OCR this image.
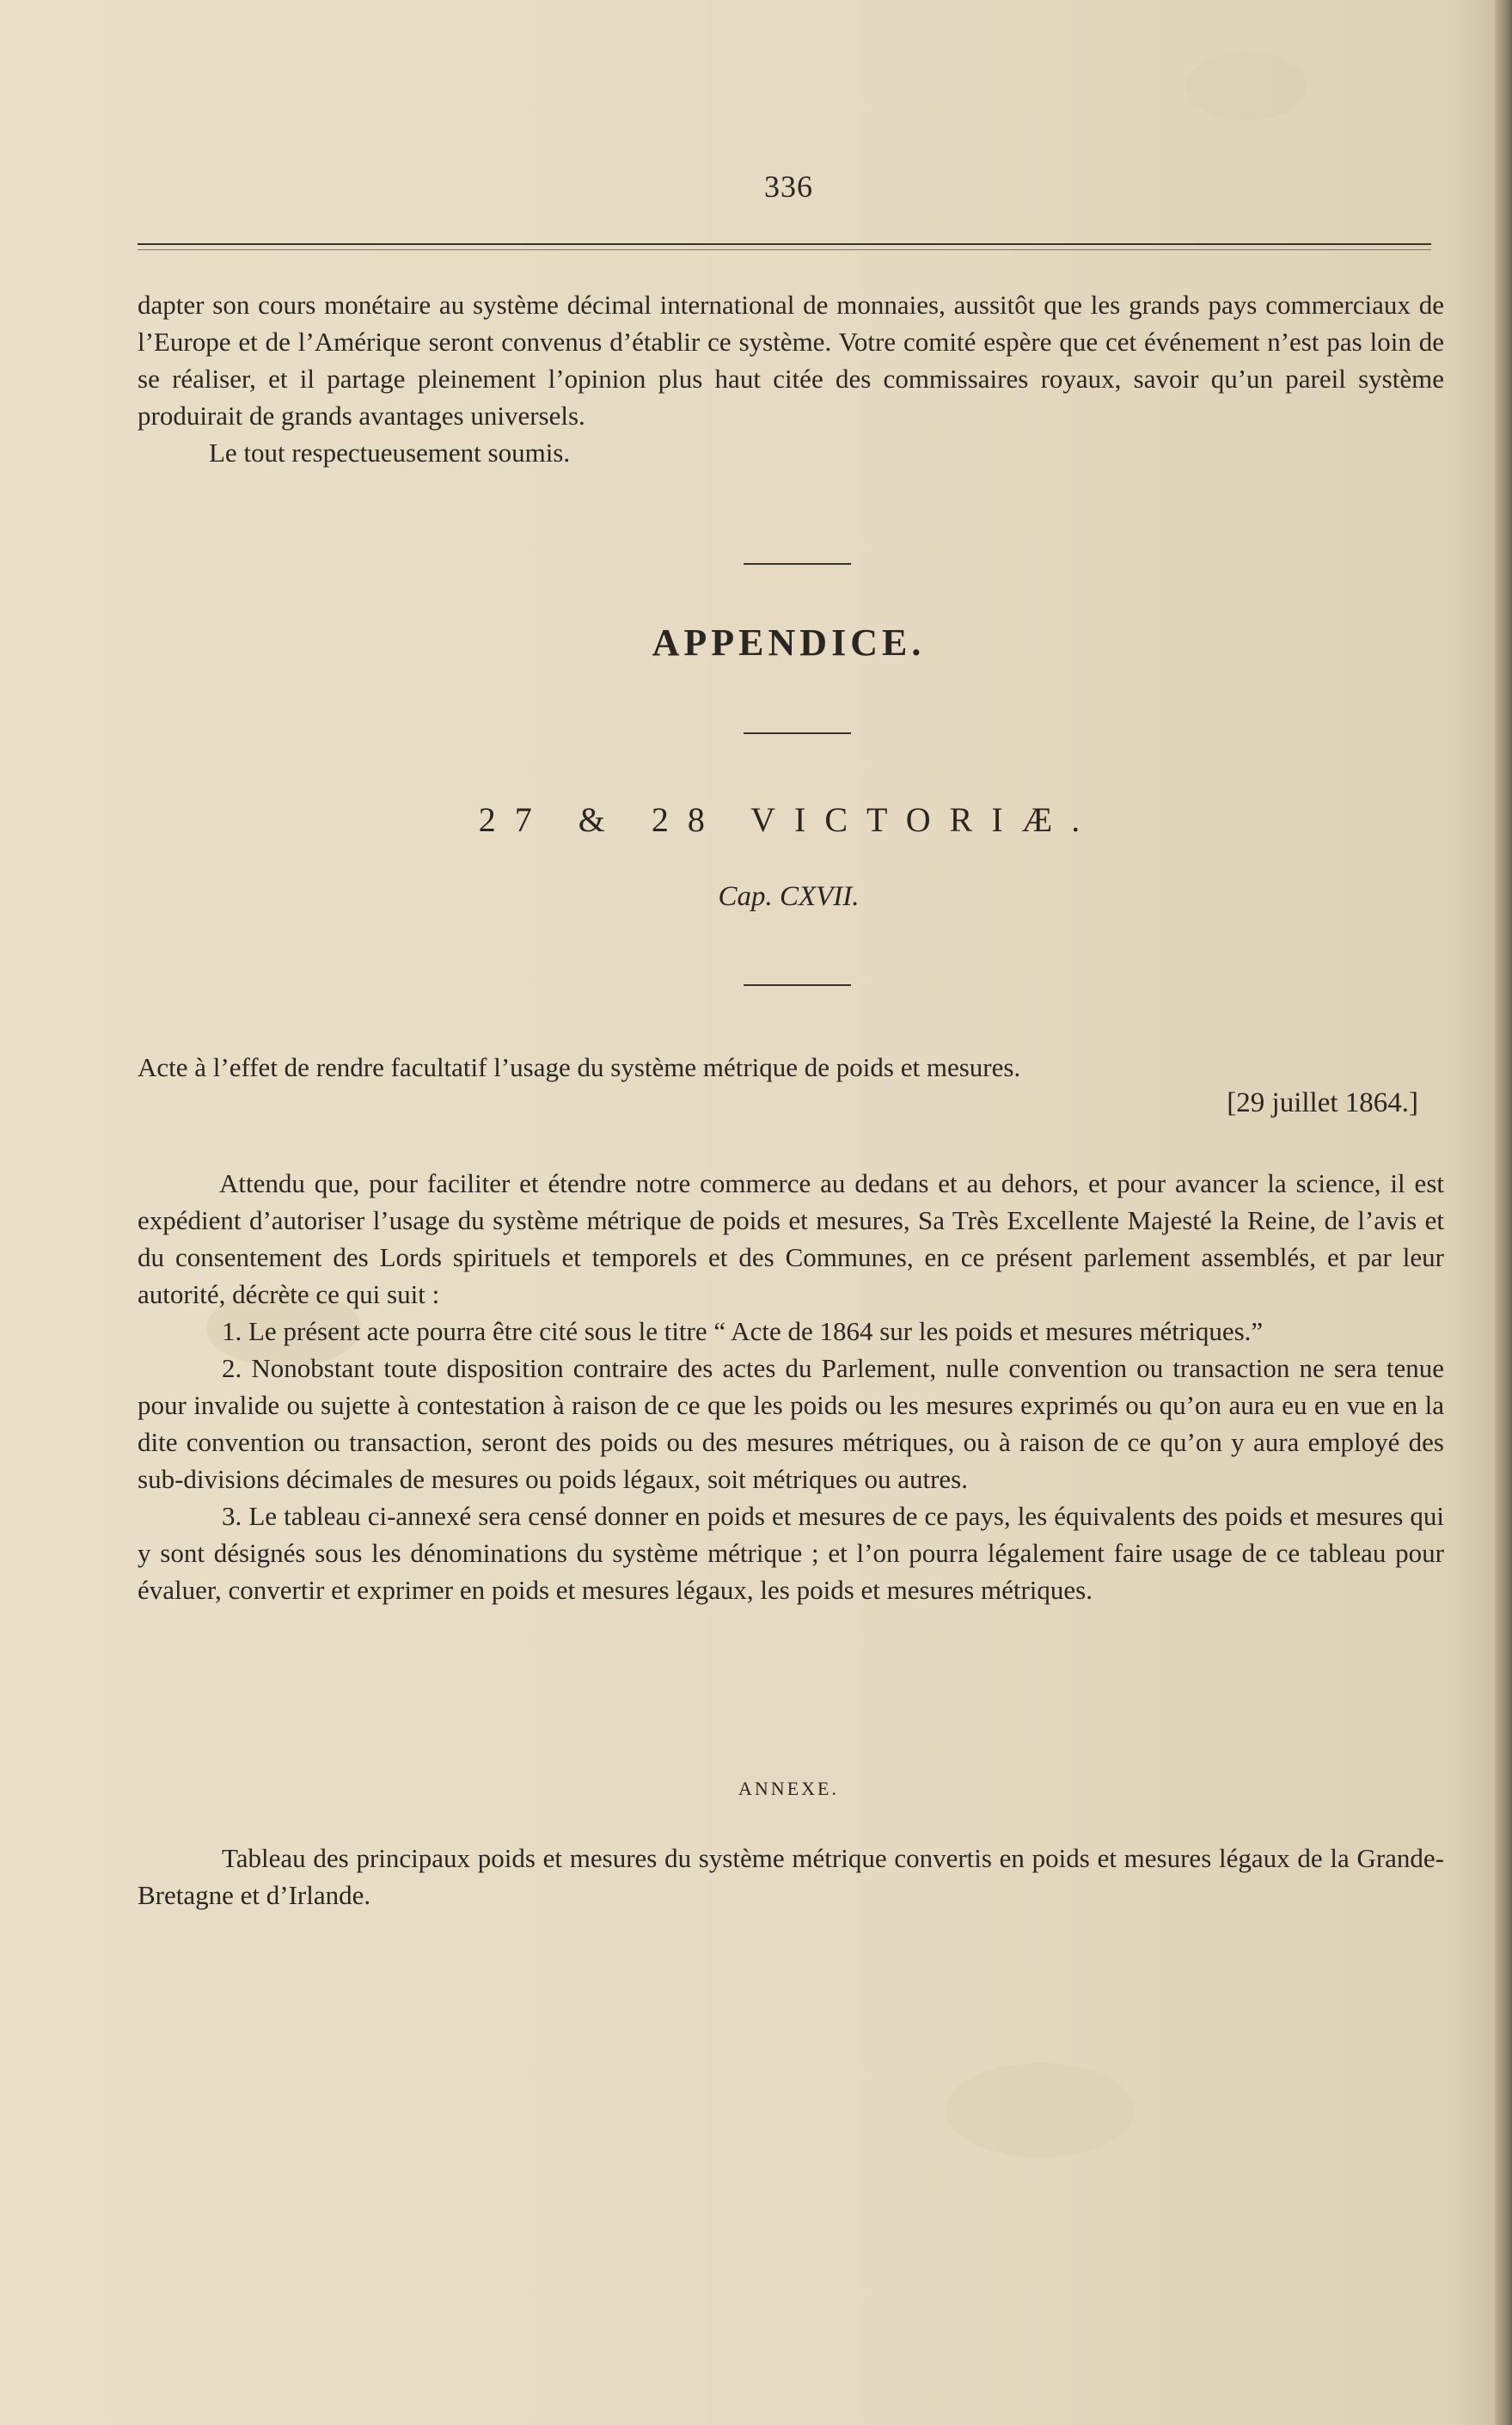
336

dapter son cours monétaire au système décimal international de monnaies, aussitôt que les grands pays commerciaux de l’Europe et de l’Amérique seront convenus d’établir ce système. Votre comité espère que cet événement n’est pas loin de se réaliser, et il partage pleinement l’opinion plus haut citée des commissaires royaux, savoir qu’un pareil système produirait de grands avantages universels.

Le tout respectueusement soumis.

APPENDICE.
27 & 28 VICTORIÆ.
Cap. CXVII.
Acte à l’effet de rendre facultatif l’usage du système métrique de poids et mesures.
[29 juillet 1864.]

Attendu que, pour faciliter et étendre notre commerce au dedans et au dehors, et pour avancer la science, il est expédient d’autoriser l’usage du système métrique de poids et mesures, Sa Très Excellente Majesté la Reine, de l’avis et du consentement des Lords spirituels et temporels et des Communes, en ce présent parlement assemblés, et par leur autorité, décrète ce qui suit :

1. Le présent acte pourra être cité sous le titre “ Acte de 1864 sur les poids et mesures métriques.”

2. Nonobstant toute disposition contraire des actes du Parlement, nulle convention ou transaction ne sera tenue pour invalide ou sujette à contestation à raison de ce que les poids ou les mesures exprimés ou qu’on aura eu en vue en la dite convention ou transaction, seront des poids ou des mesures métriques, ou à raison de ce qu’on y aura employé des sub-divisions décimales de mesures ou poids légaux, soit métriques ou autres.

3. Le tableau ci-annexé sera censé donner en poids et mesures de ce pays, les équivalents des poids et mesures qui y sont désignés sous les dénominations du système métrique ; et l’on pourra légalement faire usage de ce tableau pour évaluer, convertir et exprimer en poids et mesures légaux, les poids et mesures métriques.

ANNEXE.

Tableau des principaux poids et mesures du système métrique convertis en poids et mesures légaux de la Grande-Bretagne et d’Irlande.
